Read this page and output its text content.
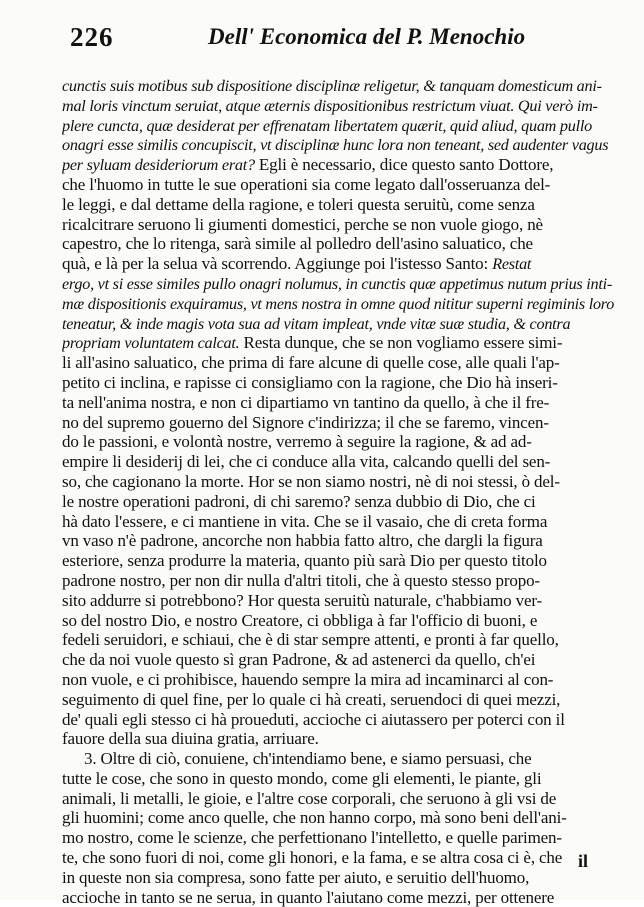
226	Dell' Economica del P. Menochio
cunctis suis motibus sub dispositione disciplinæ religetur, & tanquam domesticum ani-
mal loris vinctum seruiat, atque æternis dispositionibus restrictum viuat. Qui verò im-
plere cuncta, quæ desiderat per effrenatam libertatem quærit, quid aliud, quam pullo
onagri esse similis concupiscit, vt disciplinæ hunc lora non teneant, sed audenter vagus
per syluam desideriorum erat? Egli è necessario, dice questo santo Dottore,
che l'huomo in tutte le sue operationi sia come legato dall'osseruanza del-
le leggi, e dal dettame della ragione, e toleri questa seruitù, come senza
ricalcitrare seruono li giumenti domestici, perche se non vuole giogo, nè
capestro, che lo ritenga, sarà simile al polledro dell'asino saluatico, che
quà, e là per la selua và scorrendo. Aggiunge poi l'istesso Santo: Restat
ergo, vt si esse similes pullo onagri nolumus, in cunctis quæ appetimus nutum prius inti-
mæ dispositionis exquiramus, vt mens nostra in omne quod nititur superni regiminis loro
teneatur, & inde magis vota sua ad vitam impleat, vnde vitæ suæ studia, & contra
propriam voluntatem calcat. Resta dunque, che se non vogliamo essere simi-
li all'asino saluatico, che prima di fare alcune di quelle cose, alle quali l'ap-
petito ci inclina, e rapisse ci consigliamo con la ragione, che Dio hà inseri-
ta nell'anima nostra, e non ci dipartiamo vn tantino da quello, à che il fre-
no del supremo gouerno del Signore c'indirizza; il che se faremo, vincen-
do le passioni, e volontà nostre, verremo à seguire la ragione, & ad ad-
empire li desiderij di lei, che ci conduce alla vita, calcando quelli del sen-
so, che cagionano la morte. Hor se non siamo nostri, nè di noi stessi, ò del-
le nostre operationi padroni, di chi saremo? senza dubbio di Dio, che ci
hà dato l'essere, e ci mantiene in vita. Che se il vasaio, che di creta forma
vn vaso n'è padrone, ancorche non habbia fatto altro, che dargli la figura
esteriore, senza produrre la materia, quanto più sarà Dio per questo titolo
padrone nostro, per non dir nulla d'altri titoli, che à questo stesso propo-
sito addurre si potrebbono? Hor questa seruitù naturale, c'habbiamo ver-
so del nostro Dio, e nostro Creatore, ci obbliga à far l'officio di buoni, e
fedeli seruidori, e schiaui, che è di star sempre attenti, e pronti à far quello,
che da noi vuole questo sì gran Padrone, & ad astenerci da quello, ch'ei
non vuole, e ci prohibisce, hauendo sempre la mira ad incaminarci al con-
seguimento di quel fine, per lo quale ci hà creati, seruendoci di quei mezzi,
de' quali egli stesso ci hà proueduti, accioche ci aiutassero per poterci con il
fauore della sua diuina gratia, arriuare.
3. Oltre di ciò, conuiene, ch'intendiamo bene, e siamo persuasi, che
tutte le cose, che sono in questo mondo, come gli elementi, le piante, gli
animali, li metalli, le gioie, e l'altre cose corporali, che seruono à gli vsi de
gli huomini; come anco quelle, che non hanno corpo, mà sono beni dell'ani-
mo nostro, come le scienze, che perfettionano l'intelletto, e quelle parimen-
te, che sono fuori di noi, come gli honori, e la fama, e se altra cosa ci è, che
in queste non sia compresa, sono fatte per aiuto, e seruitio dell'huomo,
accioche in tanto se ne serua, in quanto l'aiutano come mezzi, per ottenere
il
